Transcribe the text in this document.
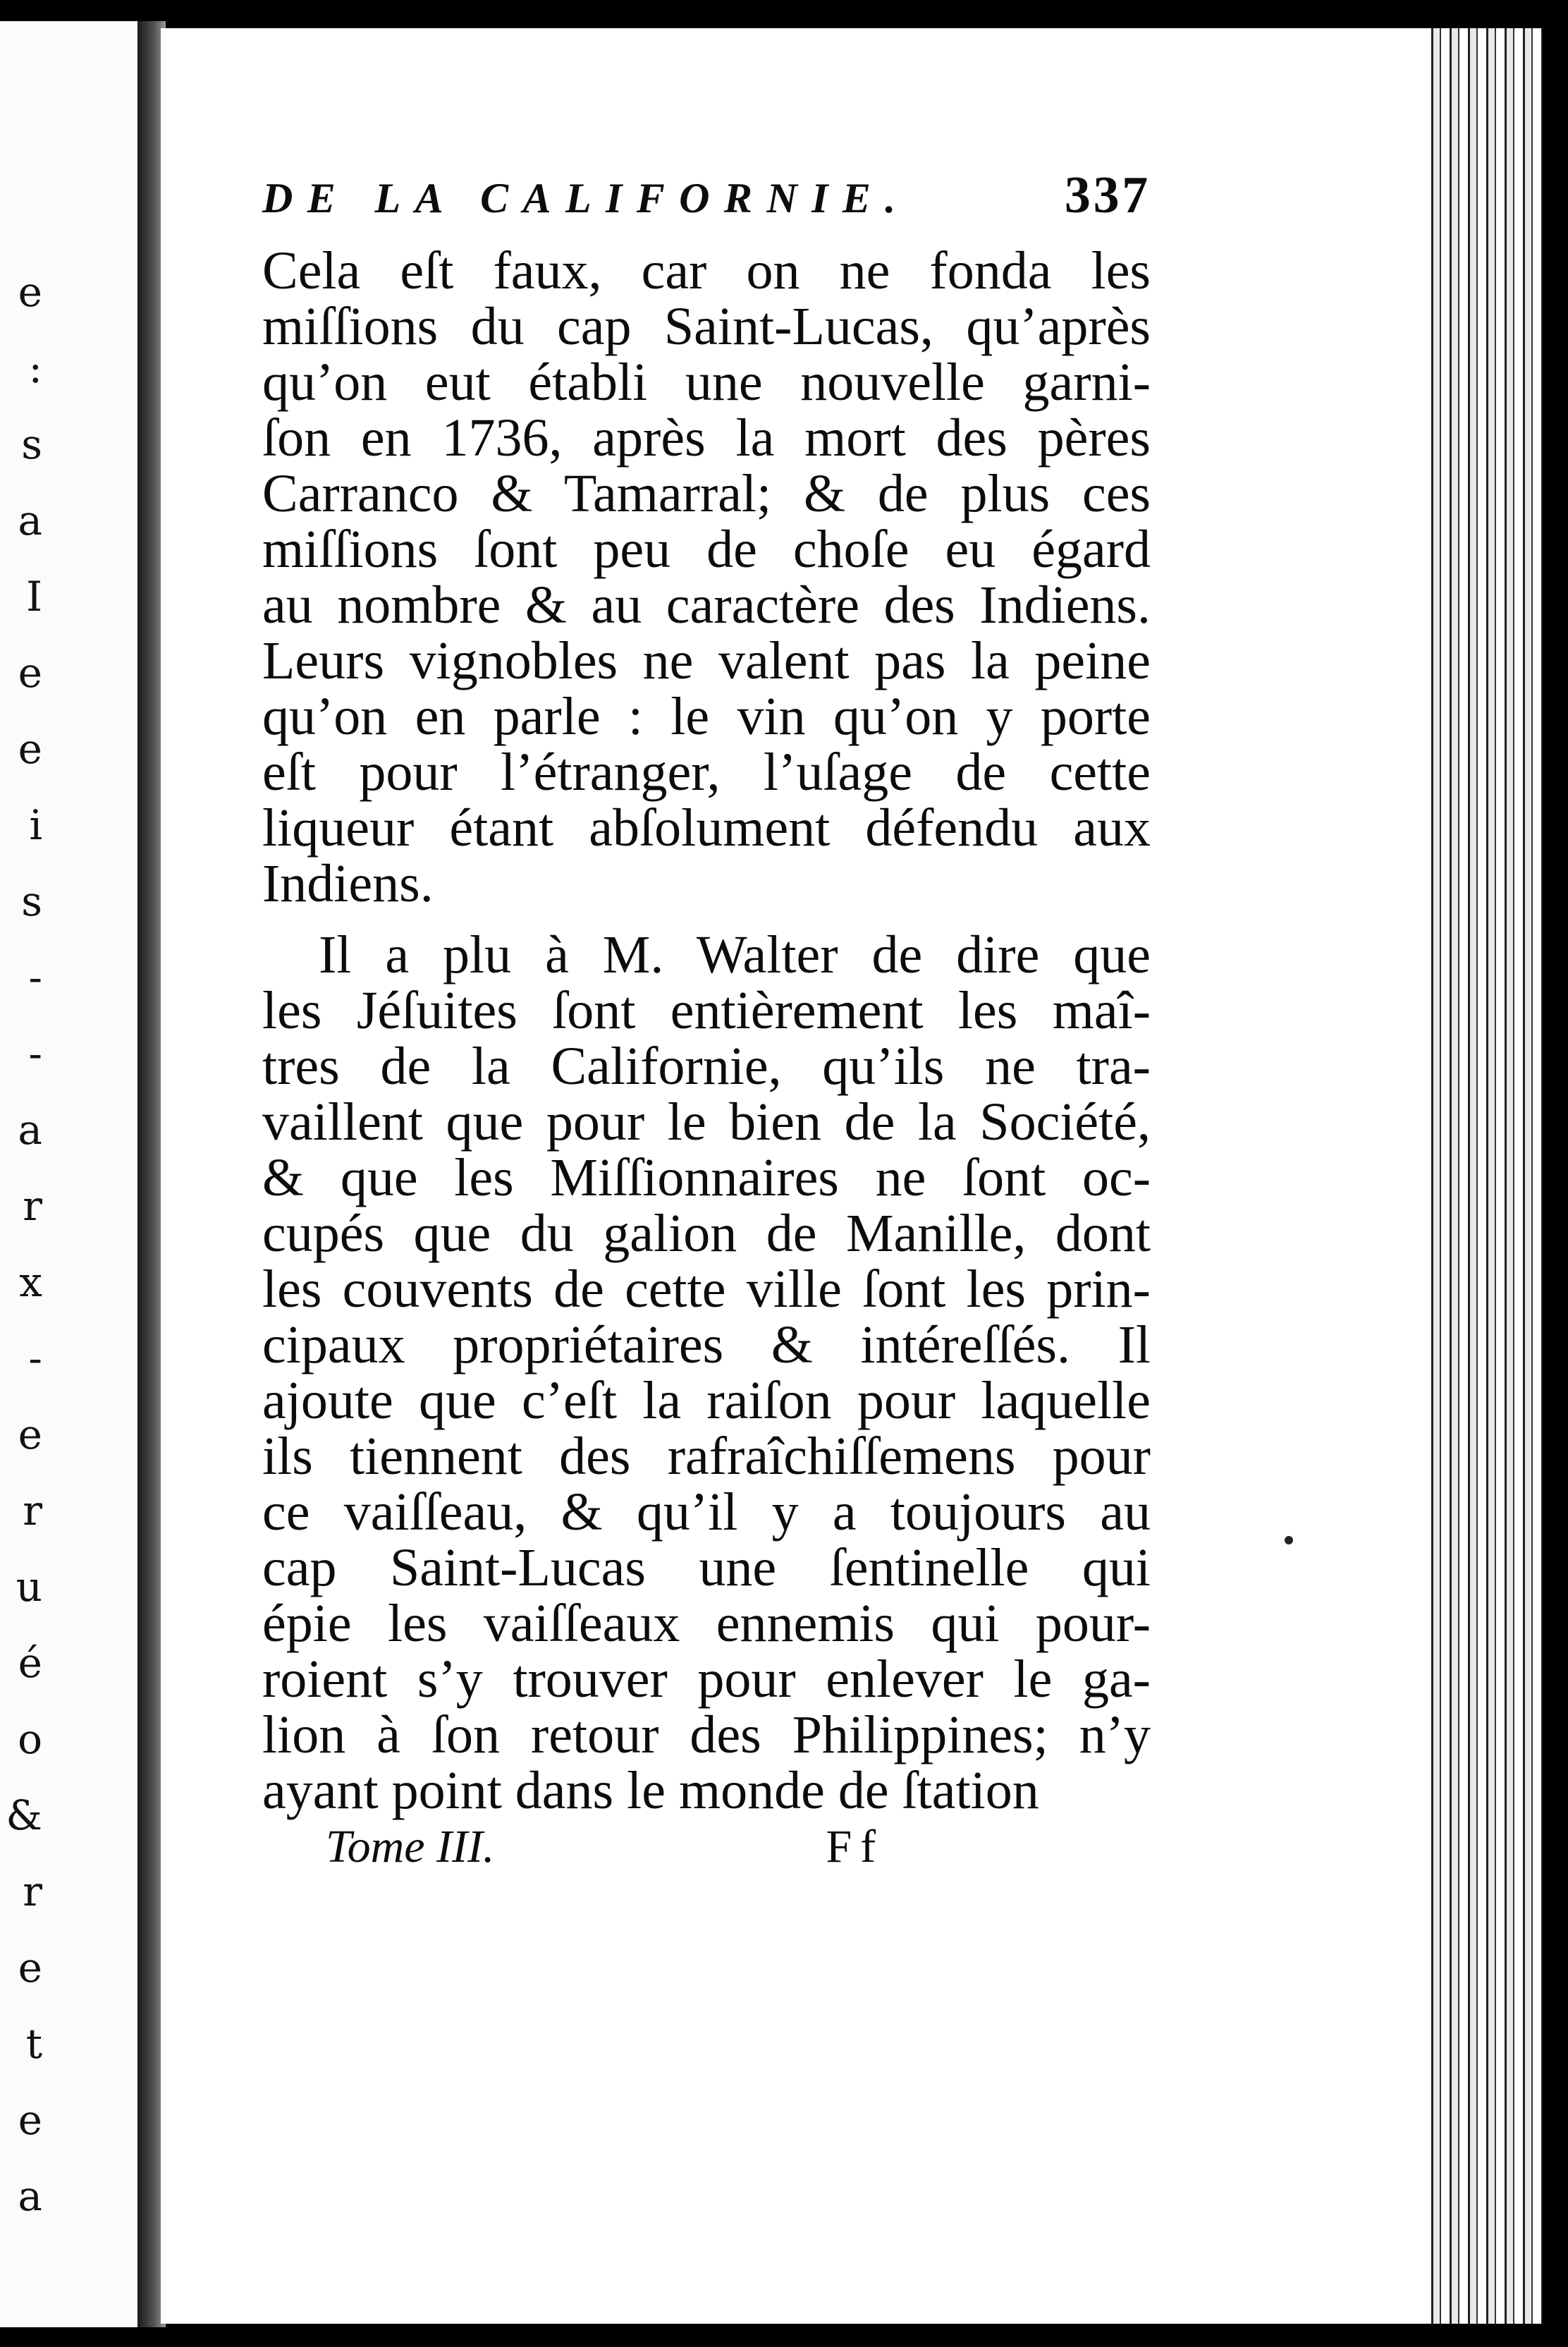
e
:
s
a
I
e
e
i
s
-
-
a
r
x
-
e
r
u
é
o
&
r
e
t
e
a
DE LA CALIFORNIE.	337
Cela eſt faux, car on ne fonda les
miſſions du cap Saint-Lucas, qu’après
qu’on eut établi une nouvelle garni-
ſon en 1736, après la mort des pères
Carranco & Tamarral; & de plus ces
miſſions ſont peu de choſe eu égard
au nombre & au caractère des Indiens.
Leurs vignobles ne valent pas la peine
qu’on en parle : le vin qu’on y porte
eſt pour l’étranger, l’uſage de cette
liqueur étant abſolument défendu aux
Indiens.
Il a plu à M. Walter de dire que
les Jéſuites ſont entièrement les maî-
tres de la Californie, qu’ils ne tra-
vaillent que pour le bien de la Société,
& que les Miſſionnaires ne ſont oc-
cupés que du galion de Manille, dont
les couvents de cette ville ſont les prin-
cipaux propriétaires & intéreſſés. Il
ajoute que c’eſt la raiſon pour laquelle
ils tiennent des rafraîchiſſemens pour
ce vaiſſeau, & qu’il y a toujours au
cap Saint-Lucas une ſentinelle qui
épie les vaiſſeaux ennemis qui pour-
roient s’y trouver pour enlever le ga-
lion à ſon retour des Philippines; n’y
ayant point dans le monde de ſtation
Tome III.	Ff
